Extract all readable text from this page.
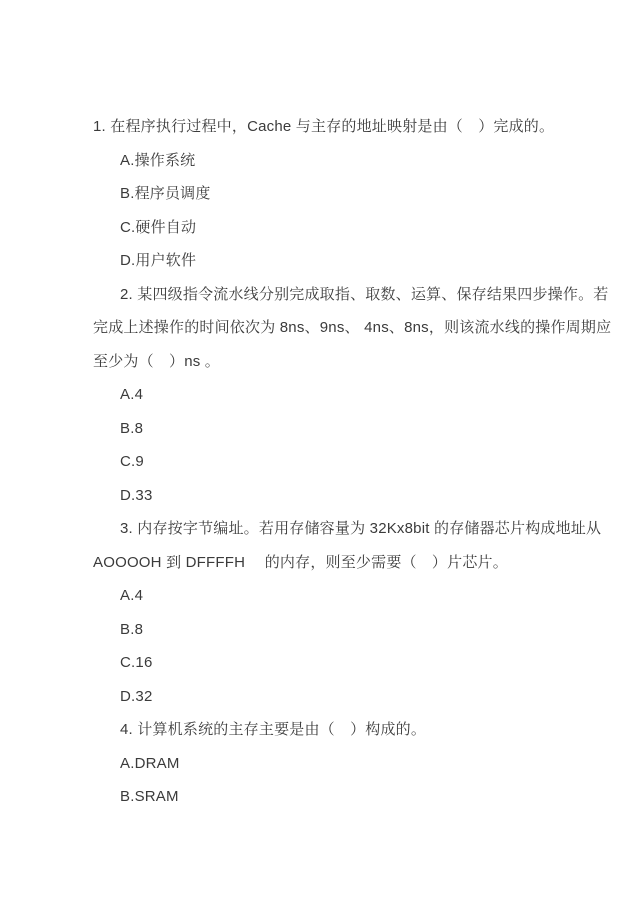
1. 在程序执行过程中，Cache 与主存的地址映射是由（　）完成的。

A.操作系统

B.程序员调度

C.硬件自动

D.用户软件

2. 某四级指令流水线分别完成取指、取数、运算、保存结果四步操作。若

完成上述操作的时间依次为 8ns、9ns、 4ns、8ns，则该流水线的操作周期应

至少为（　）ns 。

A.4

B.8

C.9

D.33

3. 内存按字节编址。若用存储容量为 32Kx8bit 的存储器芯片构成地址从

AOOOOH 到 DFFFFH　 的内存，则至少需要（　）片芯片。

A.4

B.8

C.16

D.32

4. 计算机系统的主存主要是由（　）构成的。

A.DRAM

B.SRAM
